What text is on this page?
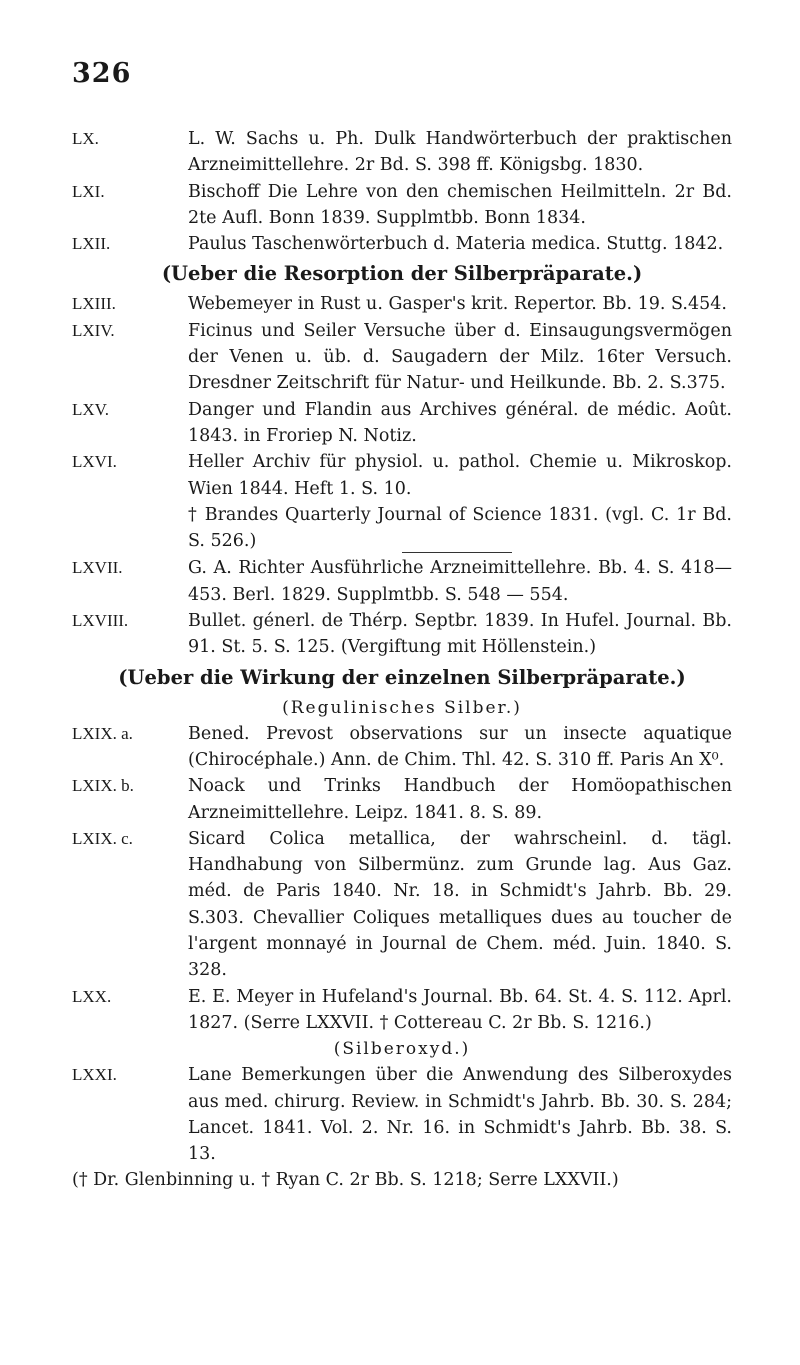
326
LX.	L. W. Sachs u. Ph. Dulk Handwörterbuch der praktischen Arzneimittellehre. 2r Bd. S. 398 ff. Königsbg. 1830.
LXI.	Bischoff Die Lehre von den chemischen Heilmitteln. 2r Bd. 2te Aufl. Bonn 1839. Supplmtbb. Bonn 1834.
LXII.	Paulus Taschenwörterbuch d. Materia medica. Stuttg. 1842.
(Ueber die Resorption der Silberpräparate.)
LXIII.	Webemeyer in Rust u. Gasper's krit. Repertor. Bb. 19. S.454.
LXIV.	Ficinus und Seiler Versuche über d. Einsaugungsvermögen der Venen u. üb. d. Saugadern der Milz. 16ter Versuch. Dresdner Zeitschrift für Natur- und Heilkunde. Bb. 2. S.375.
LXV.	Danger und Flandin aus Archives général. de médic. Août. 1843. in Froriep N. Notiz.
LXVI.	Heller Archiv für physiol. u. pathol. Chemie u. Mikroskop. Wien 1844. Heft 1. S. 10.
† Brandes Quarterly Journal of Science 1831. (vgl. C. 1r Bd. S. 526.)
LXVII.	G. A. Richter Ausführliche Arzneimittellehre. Bb. 4. S. 418—453. Berl. 1829. Supplmtbb. S. 548 — 554.
LXVIII.	Bullet. génerl. de Thérp. Septbr. 1839. In Hufel. Journal. Bb. 91. St. 5. S. 125. (Vergiftung mit Höllenstein.)
(Ueber die Wirkung der einzelnen Silberpräparate.)
(Regulinisches Silber.)
LXIX. a.	Bened. Prevost observations sur un insecte aquatique (Chirocéphale.) Ann. de Chim. Thl. 42. S. 310 ff. Paris An X⁰.
LXIX. b.	Noack und Trinks Handbuch der Homöopathischen Arzneimittellehre. Leipz. 1841. 8. S. 89.
LXIX. c.	Sicard Colica metallica, der wahrscheinl. d. tägl. Handhabung von Silbermünz. zum Grunde lag. Aus Gaz. méd. de Paris 1840. Nr. 18. in Schmidt's Jahrb. Bb. 29. S.303. Chevallier Coliques metalliques dues au toucher de l'argent monnayé in Journal de Chem. méd. Juin. 1840. S. 328.
LXX.	E. E. Meyer in Hufeland's Journal. Bb. 64. St. 4. S. 112. Aprl. 1827. (Serre LXXVII. † Cottereau C. 2r Bb. S. 1216.)
(Silberoxyd.)
LXXI.	Lane Bemerkungen über die Anwendung des Silberoxydes aus med. chirurg. Review. in Schmidt's Jahrb. Bb. 30. S. 284; Lancet. 1841. Vol. 2. Nr. 16. in Schmidt's Jahrb. Bb. 38. S. 13.
(† Dr. Glenbinning u. † Ryan C. 2r Bb. S. 1218; Serre LXXVII.)
